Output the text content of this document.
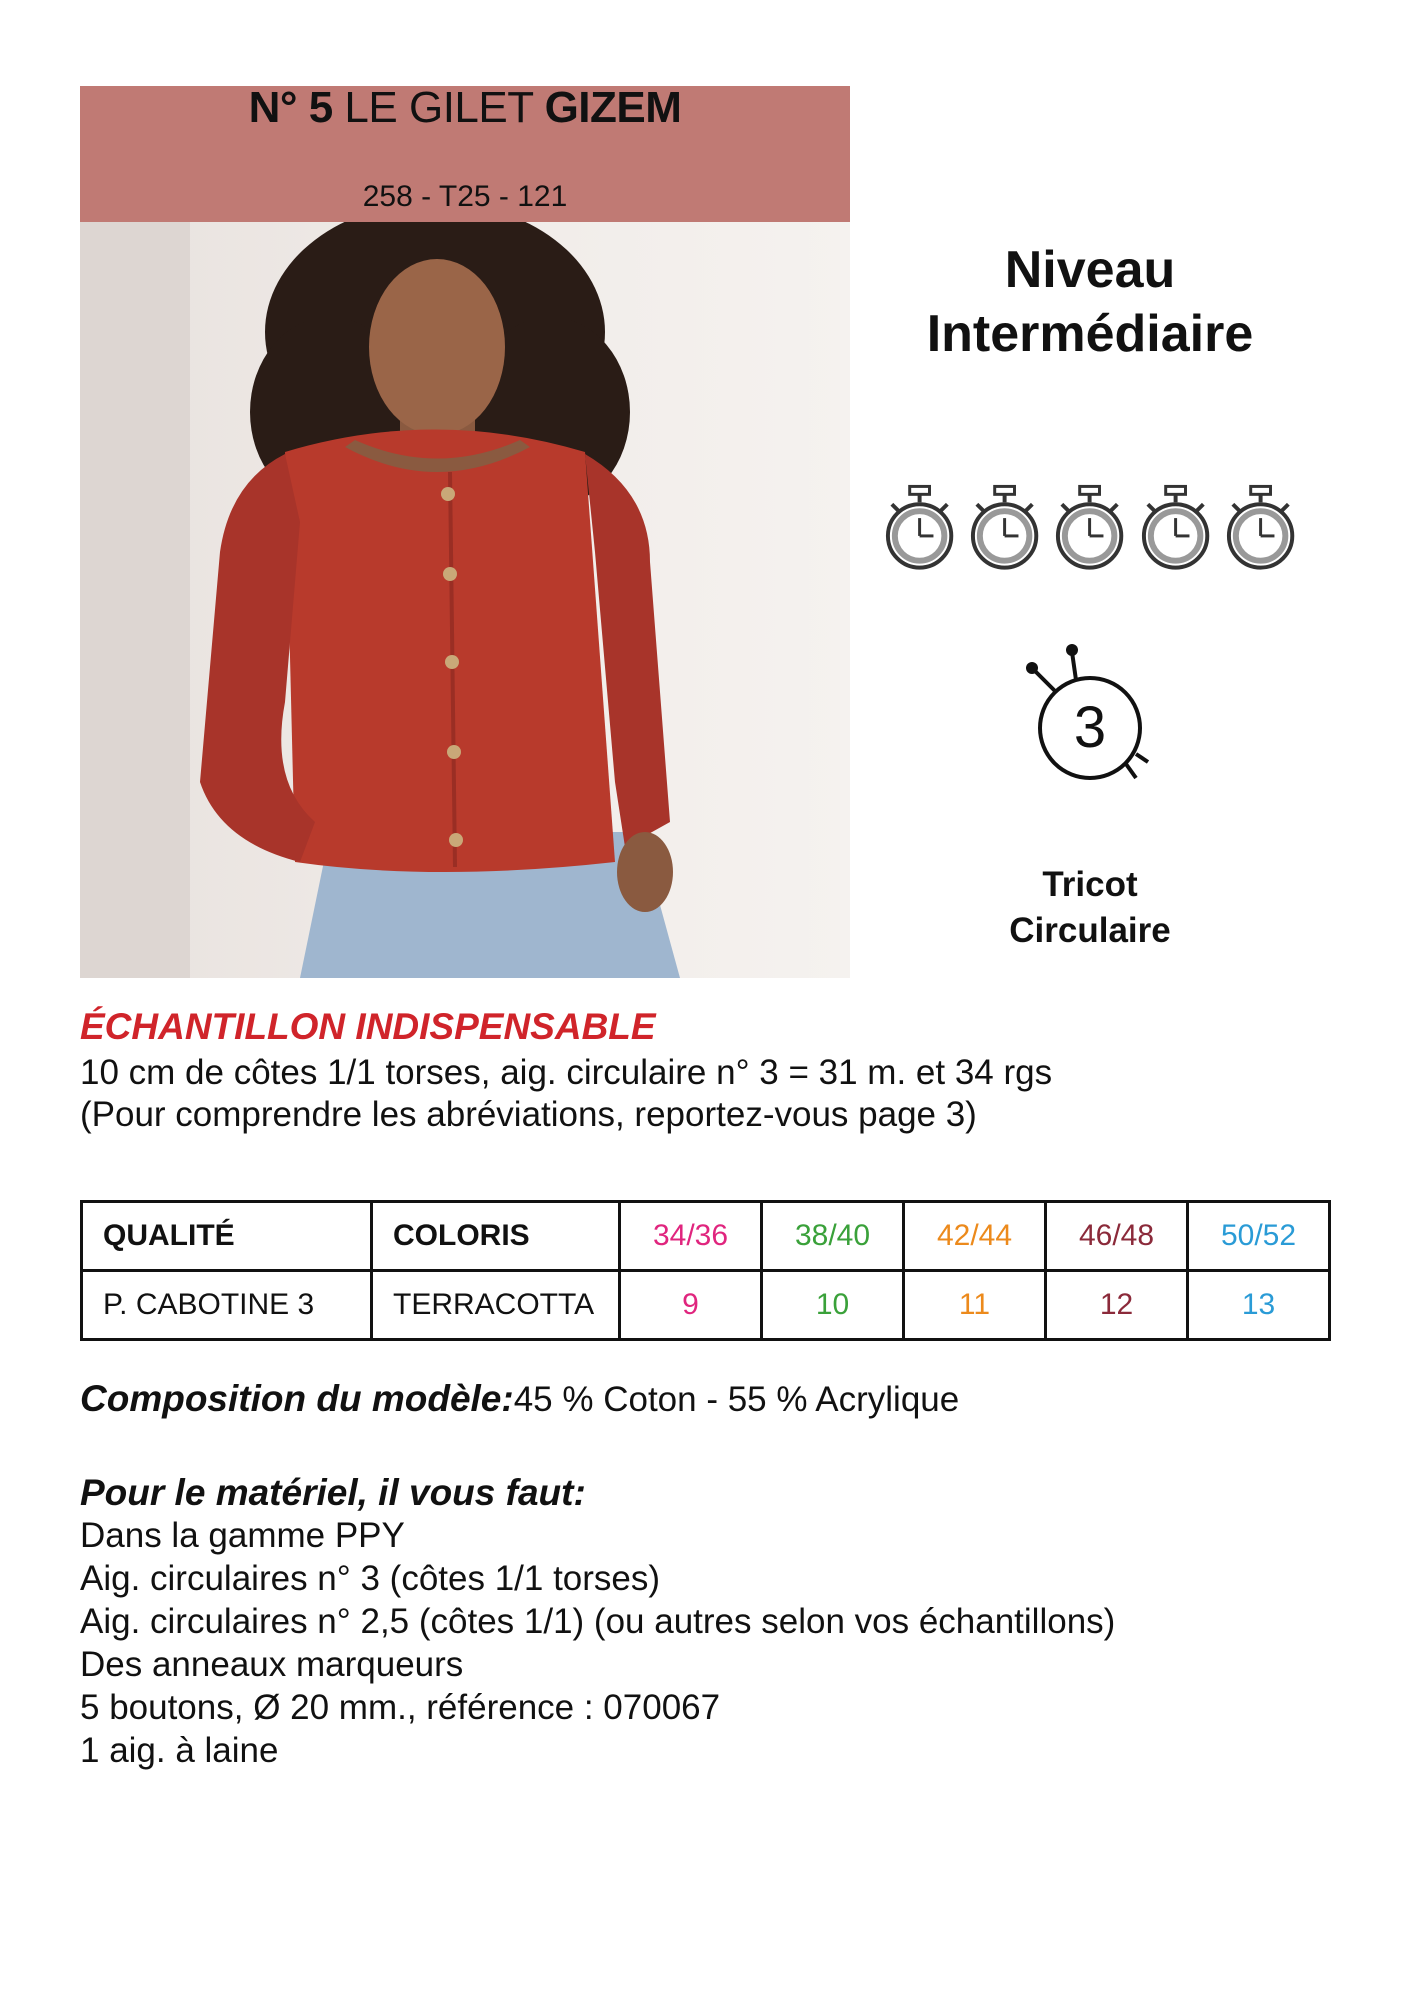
N° 5 LE GILET GIZEM
258 - T25 - 121
Niveau
Intermédiaire
3
Tricot
Circulaire
ÉCHANTILLON INDISPENSABLE
10 cm de côtes 1/1 torses, aig. circulaire n° 3 = 31 m. et 34 rgs
(Pour comprendre les abréviations, reportez-vous page 3)
QUALITÉ	COLORIS	34/36	38/40	42/44	46/48	50/52
P. CABOTINE 3	TERRACOTTA	9	10	11	12	13
Composition du modèle:45 % Coton - 55 % Acrylique
Pour le matériel, il vous faut:
Dans la gamme PPY
Aig. circulaires n° 3 (côtes 1/1 torses)
Aig. circulaires n° 2,5 (côtes 1/1) (ou autres selon vos échantillons)
Des anneaux marqueurs
5 boutons, Ø 20 mm., référence : 070067
1 aig. à laine
